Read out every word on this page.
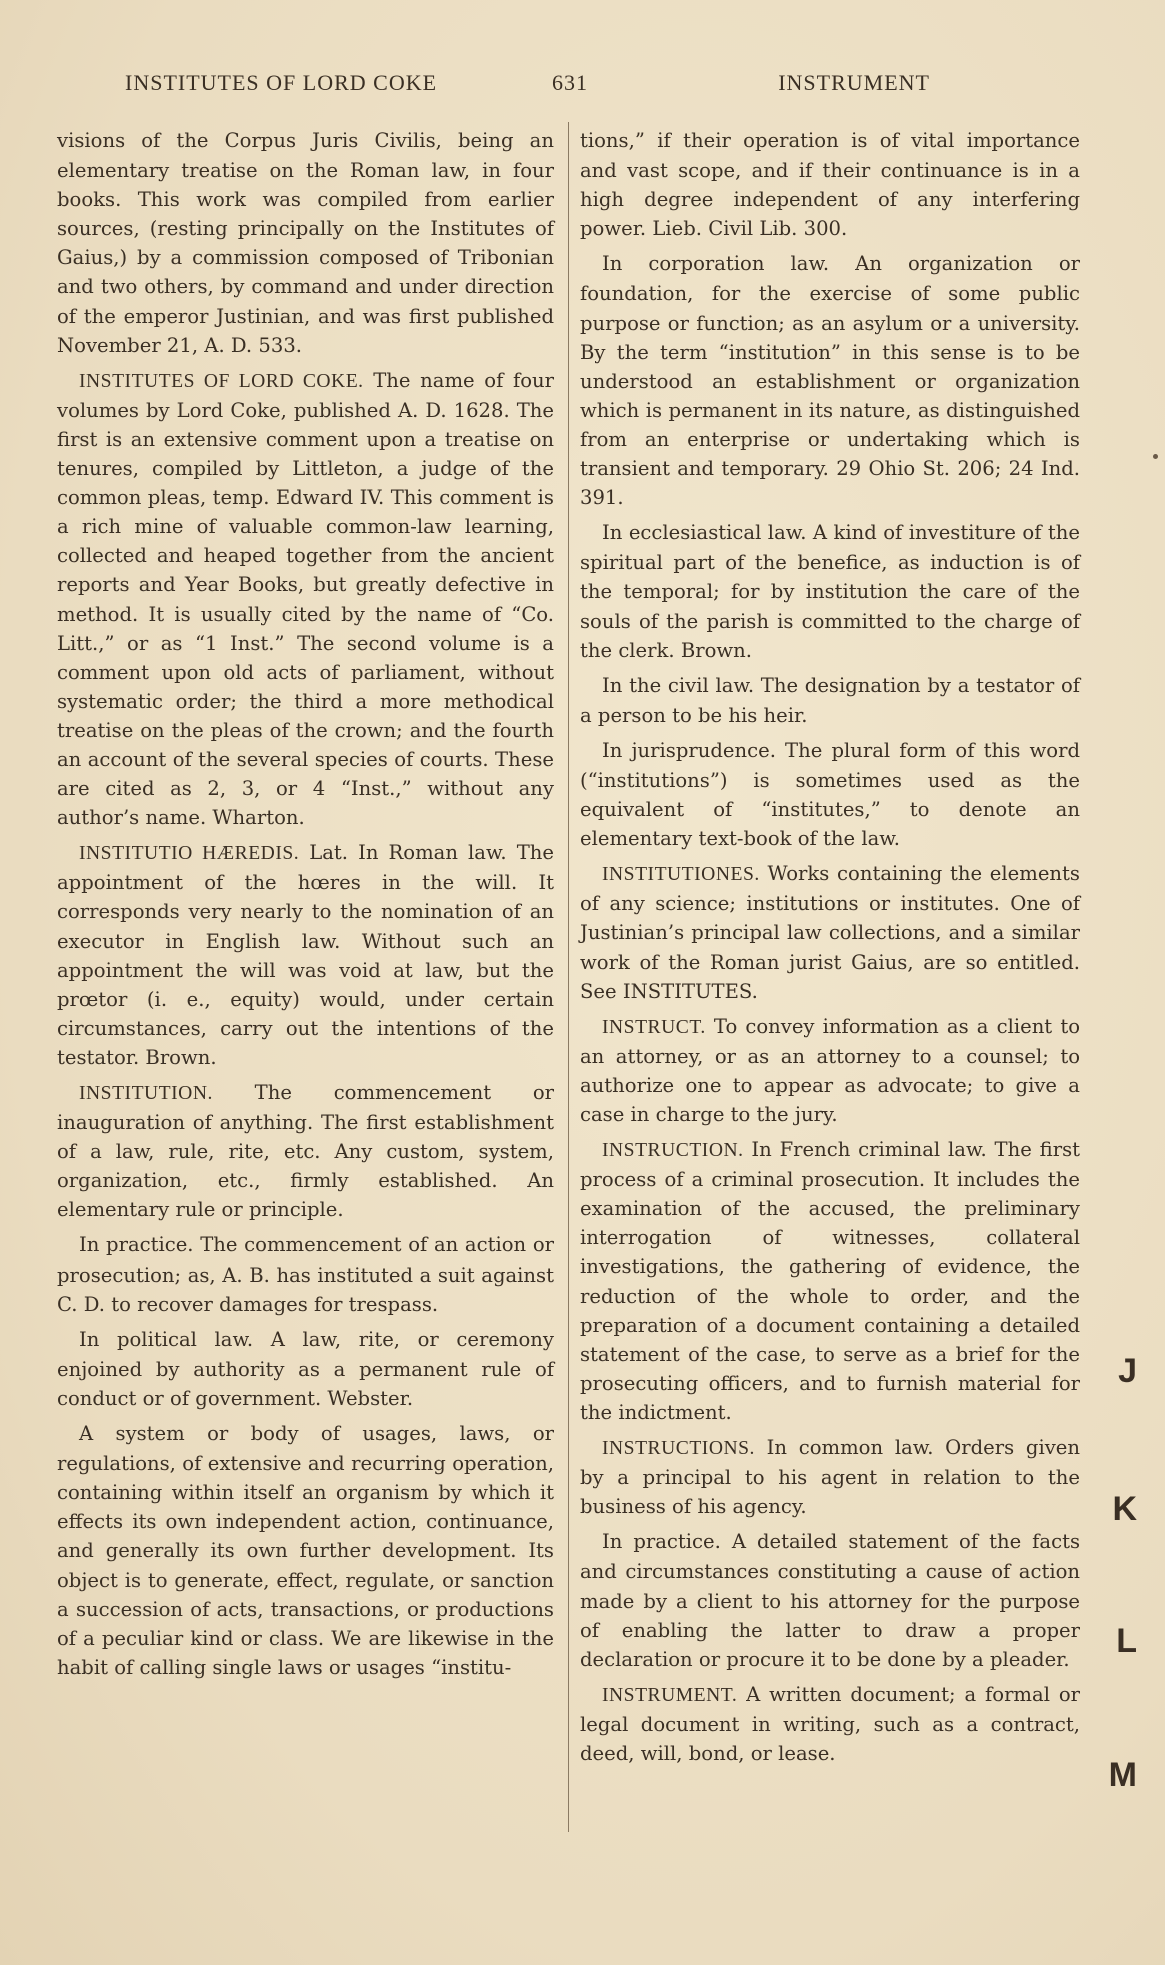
INSTITUTES OF LORD COKE	631	INSTRUMENT

visions of the Corpus Juris Civilis, being an elementary treatise on the Roman law, in four books. This work was compiled from earlier sources, (resting principally on the Institutes of Gaius,) by a commission composed of Tribonian and two others, by command and under direction of the emperor Justinian, and was first published November 21, A. D. 533.

INSTITUTES OF LORD COKE. The name of four volumes by Lord Coke, published A. D. 1628. The first is an extensive comment upon a treatise on tenures, compiled by Littleton, a judge of the common pleas, temp. Edward IV. This comment is a rich mine of valuable common-law learning, collected and heaped together from the ancient reports and Year Books, but greatly defective in method. It is usually cited by the name of “Co. Litt.,” or as “1 Inst.” The second volume is a comment upon old acts of parliament, without systematic order; the third a more methodical treatise on the pleas of the crown; and the fourth an account of the several species of courts. These are cited as 2, 3, or 4 “Inst.,” without any author’s name. Wharton.

INSTITUTIO HÆREDIS. Lat. In Roman law. The appointment of the hœres in the will. It corresponds very nearly to the nomination of an executor in English law. Without such an appointment the will was void at law, but the prœtor (i. e., equity) would, under certain circumstances, carry out the intentions of the testator. Brown.

INSTITUTION. The commencement or inauguration of anything. The first establishment of a law, rule, rite, etc. Any custom, system, organization, etc., firmly established. An elementary rule or principle.

In practice. The commencement of an action or prosecution; as, A. B. has instituted a suit against C. D. to recover damages for trespass.

In political law. A law, rite, or ceremony enjoined by authority as a permanent rule of conduct or of government. Webster.

A system or body of usages, laws, or regulations, of extensive and recurring operation, containing within itself an organism by which it effects its own independent action, continuance, and generally its own further development. Its object is to generate, effect, regulate, or sanction a succession of acts, transactions, or productions of a peculiar kind or class. We are likewise in the habit of calling single laws or usages “institu-

tions,” if their operation is of vital importance and vast scope, and if their continuance is in a high degree independent of any interfering power. Lieb. Civil Lib. 300.

In corporation law. An organization or foundation, for the exercise of some public purpose or function; as an asylum or a university. By the term “institution” in this sense is to be understood an establishment or organization which is permanent in its nature, as distinguished from an enterprise or undertaking which is transient and temporary. 29 Ohio St. 206; 24 Ind. 391.

In ecclesiastical law. A kind of investiture of the spiritual part of the benefice, as induction is of the temporal; for by institution the care of the souls of the parish is committed to the charge of the clerk. Brown.

In the civil law. The designation by a testator of a person to be his heir.

In jurisprudence. The plural form of this word (“institutions”) is sometimes used as the equivalent of “institutes,” to denote an elementary text-book of the law.

INSTITUTIONES. Works containing the elements of any science; institutions or institutes. One of Justinian’s principal law collections, and a similar work of the Roman jurist Gaius, are so entitled. See INSTITUTES.

INSTRUCT. To convey information as a client to an attorney, or as an attorney to a counsel; to authorize one to appear as advocate; to give a case in charge to the jury.

INSTRUCTION. In French criminal law. The first process of a criminal prosecution. It includes the examination of the accused, the preliminary interrogation of witnesses, collateral investigations, the gathering of evidence, the reduction of the whole to order, and the preparation of a document containing a detailed statement of the case, to serve as a brief for the prosecuting officers, and to furnish material for the indictment.

INSTRUCTIONS. In common law. Orders given by a principal to his agent in relation to the business of his agency.

In practice. A detailed statement of the facts and circumstances constituting a cause of action made by a client to his attorney for the purpose of enabling the latter to draw a proper declaration or procure it to be done by a pleader.

INSTRUMENT. A written document; a formal or legal document in writing, such as a contract, deed, will, bond, or lease.

J
K
L
M
